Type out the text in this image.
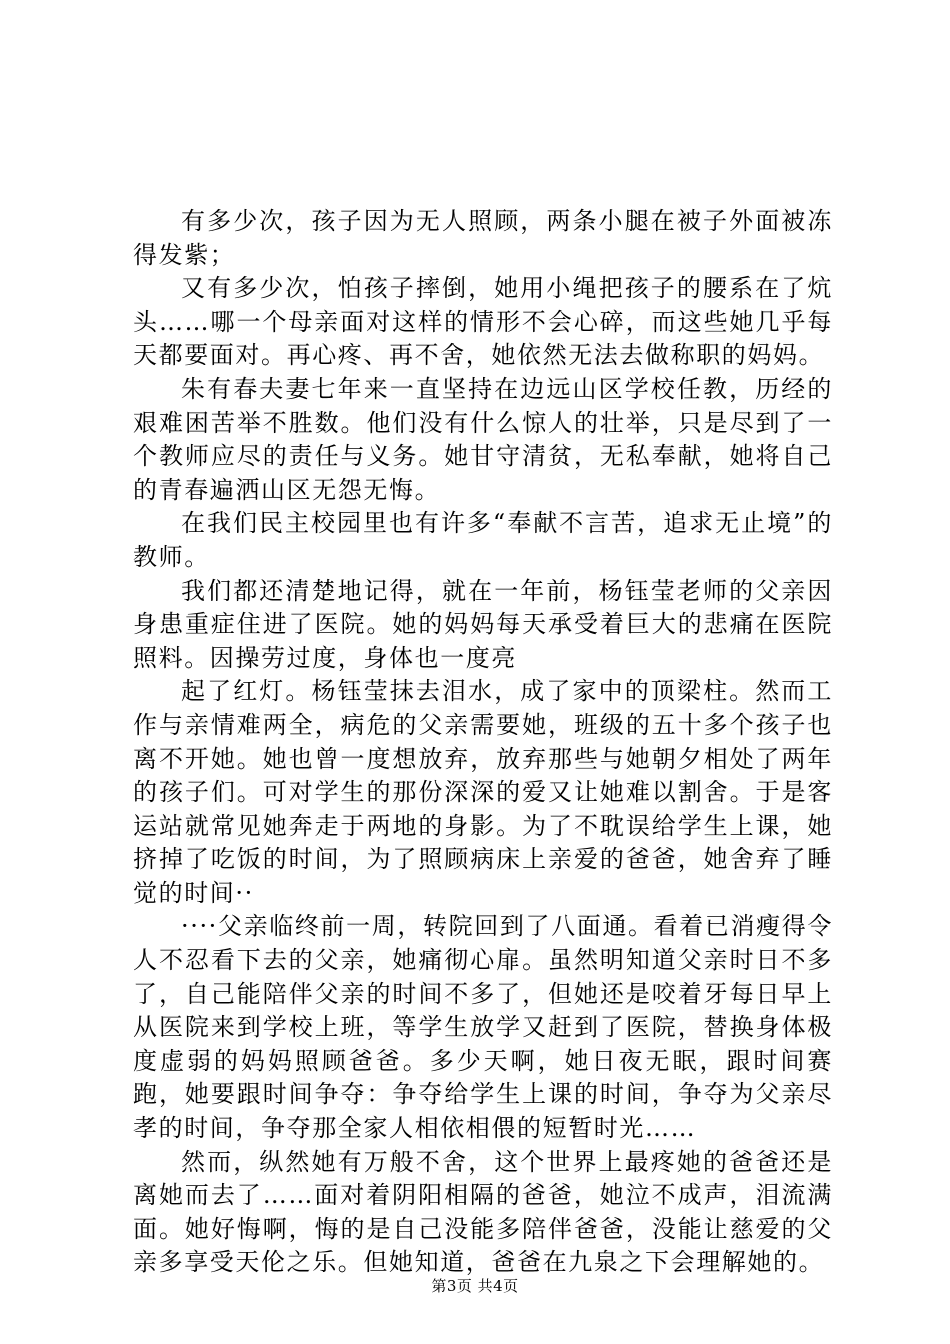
有多少次，孩子因为无人照顾，两条小腿在被子外面被冻得发紫；

又有多少次，怕孩子摔倒，她用小绳把孩子的腰系在了炕头……哪一个母亲面对这样的情形不会心碎，而这些她几乎每天都要面对。再心疼、再不舍，她依然无法去做称职的妈妈。

朱有春夫妻七年来一直坚持在边远山区学校任教，历经的艰难困苦举不胜数。他们没有什么惊人的壮举，只是尽到了一个教师应尽的责任与义务。她甘守清贫，无私奉献，她将自己的青春遍洒山区无怨无悔。

在我们民主校园里也有许多“奉献不言苦，追求无止境”的教师。

我们都还清楚地记得，就在一年前，杨钰莹老师的父亲因身患重症住进了医院。她的妈妈每天承受着巨大的悲痛在医院照料。因操劳过度，身体也一度亮

起了红灯。杨钰莹抹去泪水，成了家中的顶梁柱。然而工作与亲情难两全，病危的父亲需要她，班级的五十多个孩子也离不开她。她也曾一度想放弃，放弃那些与她朝夕相处了两年的孩子们。可对学生的那份深深的爱又让她难以割舍。于是客运站就常见她奔走于两地的身影。为了不耽误给学生上课，她挤掉了吃饭的时间，为了照顾病床上亲爱的爸爸，她舍弃了睡觉的时间··

····父亲临终前一周，转院回到了八面通。看着已消瘦得令人不忍看下去的父亲，她痛彻心扉。虽然明知道父亲时日不多了，自己能陪伴父亲的时间不多了，但她还是咬着牙每日早上从医院来到学校上班，等学生放学又赶到了医院，替换身体极度虚弱的妈妈照顾爸爸。多少天啊，她日夜无眠，跟时间赛跑，她要跟时间争夺：争夺给学生上课的时间，争夺为父亲尽孝的时间，争夺那全家人相依相偎的短暂时光……

然而，纵然她有万般不舍，这个世界上最疼她的爸爸还是离她而去了……面对着阴阳相隔的爸爸，她泣不成声，泪流满面。她好悔啊，悔的是自己没能多陪伴爸爸，没能让慈爱的父亲多享受天伦之乐。但她知道，爸爸在九泉之下会理解她的。

第3页 共4页
